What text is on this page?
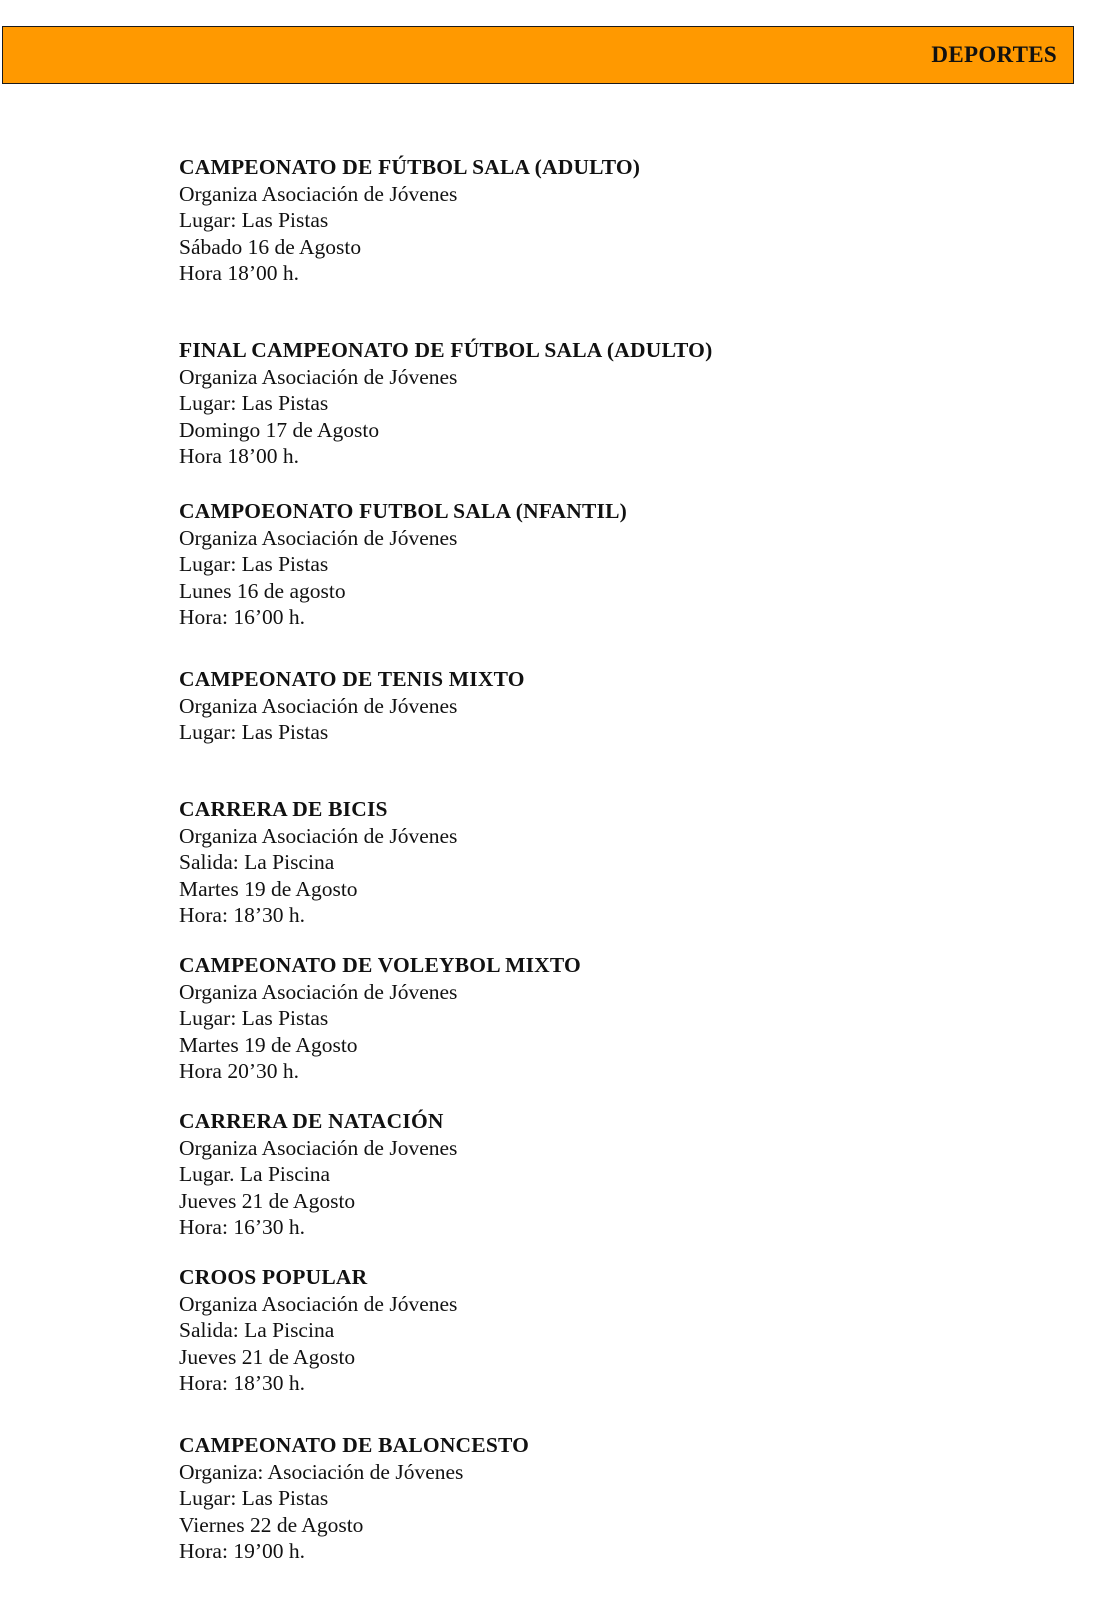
DEPORTES
CAMPEONATO DE FÚTBOL SALA (ADULTO)
Organiza Asociación de Jóvenes
Lugar: Las Pistas
Sábado 16 de Agosto
Hora 18’00 h.
FINAL CAMPEONATO DE FÚTBOL SALA (ADULTO)
Organiza Asociación de Jóvenes
Lugar: Las Pistas
Domingo 17 de Agosto
Hora 18’00 h.
CAMPOEONATO FUTBOL SALA (NFANTIL)
Organiza Asociación de Jóvenes
Lugar: Las Pistas
Lunes 16 de agosto
Hora: 16’00 h.
CAMPEONATO DE TENIS MIXTO
Organiza Asociación de Jóvenes
Lugar: Las Pistas
CARRERA DE BICIS
Organiza Asociación de Jóvenes
Salida: La Piscina
Martes 19 de Agosto
Hora: 18’30 h.
CAMPEONATO DE VOLEYBOL MIXTO
Organiza Asociación de Jóvenes
Lugar: Las Pistas
Martes 19 de Agosto
Hora 20’30 h.
CARRERA DE NATACIÓN
Organiza Asociación de Jovenes
Lugar. La Piscina
Jueves 21 de Agosto
Hora: 16’30 h.
CROOS POPULAR
Organiza Asociación de Jóvenes
Salida: La Piscina
Jueves 21 de Agosto
Hora: 18’30 h.
CAMPEONATO DE BALONCESTO
Organiza: Asociación de Jóvenes
Lugar: Las Pistas
Viernes 22 de Agosto
Hora: 19’00 h.
